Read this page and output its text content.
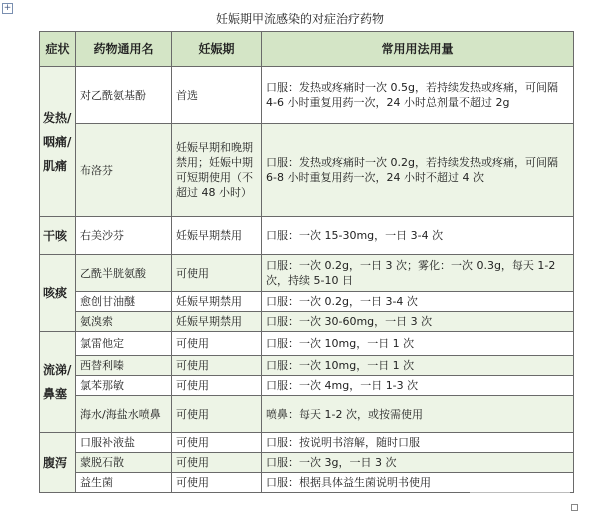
+
妊娠期甲流感染的对症治疗药物
症状	药物通用名	妊娠期	常用用法用量
发热/咽痛/肌痛	对乙酰氨基酚	首选	口服：发热或疼痛时一次 0.5g，若持续发热或疼痛，可间隔 4-6 小时重复用药一次，24 小时总剂量不超过 2g
	布洛芬	妊娠早期和晚期禁用；妊娠中期可短期使用（不超过 48 小时）	口服：发热或疼痛时一次 0.2g，若持续发热或疼痛，可间隔 6-8 小时重复用药一次，24 小时不超过 4 次
干咳	右美沙芬	妊娠早期禁用	口服：一次 15-30mg，一日 3-4 次
咳痰	乙酰半胱氨酸	可使用	口服：一次 0.2g，一日 3 次；雾化：一次 0.3g，每天 1-2 次，持续 5-10 日
	愈创甘油醚	妊娠早期禁用	口服：一次 0.2g，一日 3-4 次
	氨溴索	妊娠早期禁用	口服：一次 30-60mg，一日 3 次
流涕/鼻塞	氯雷他定	可使用	口服：一次 10mg，一日 1 次
	西替利嗪	可使用	口服：一次 10mg，一日 1 次
	氯苯那敏	可使用	口服：一次 4mg，一日 1-3 次
	海水/海盐水喷鼻	可使用	喷鼻：每天 1-2 次，或按需使用
腹泻	口服补液盐	可使用	口服：按说明书溶解，随时口服
	蒙脱石散	可使用	口服：一次 3g，一日 3 次
	益生菌	可使用	口服：根据具体益生菌说明书使用
